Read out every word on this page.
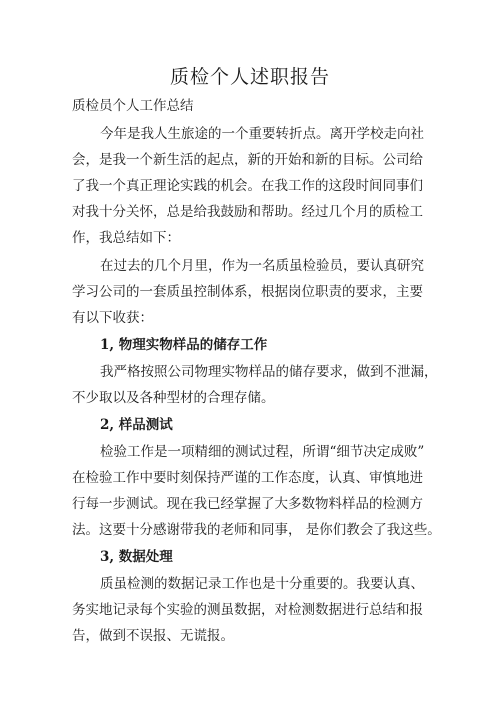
质检个人述职报告
质检员个人工作总结
今年是我人生旅途的一个重要转折点。离开学校走向社
会，是我一个新生活的起点，新的开始和新的目标。公司给
了我一个真正理论实践的机会。在我工作的这段时间同事们
对我十分关怀，总是给我鼓励和帮助。经过几个月的质检工
作，我总结如下：
在过去的几个月里，作为一名质虽检验员，要认真研究
学习公司的一套质虽控制体系，根据岗位职责的要求，主要
有以下收获：
1, 物理实物样品的储存工作
我严格按照公司物理实物样品的储存要求，做到不泄漏，
不少取以及各种型材的合理存储。
2, 样品测试
检验工作是一项精细的测试过程，所谓“细节决定成败”
在检验工作中要时刻保持严谨的工作态度，认真、审慎地进
行每一步测试。现在我已经掌握了大多数物料样品的检测方
法。这要十分感谢带我的老师和同事， 是你们教会了我这些。
3, 数据处理
质虽检测的数据记录工作也是十分重要的。我要认真、
务实地记录每个实验的测虽数据，对检测数据进行总结和报
告，做到不误报、无谎报。
